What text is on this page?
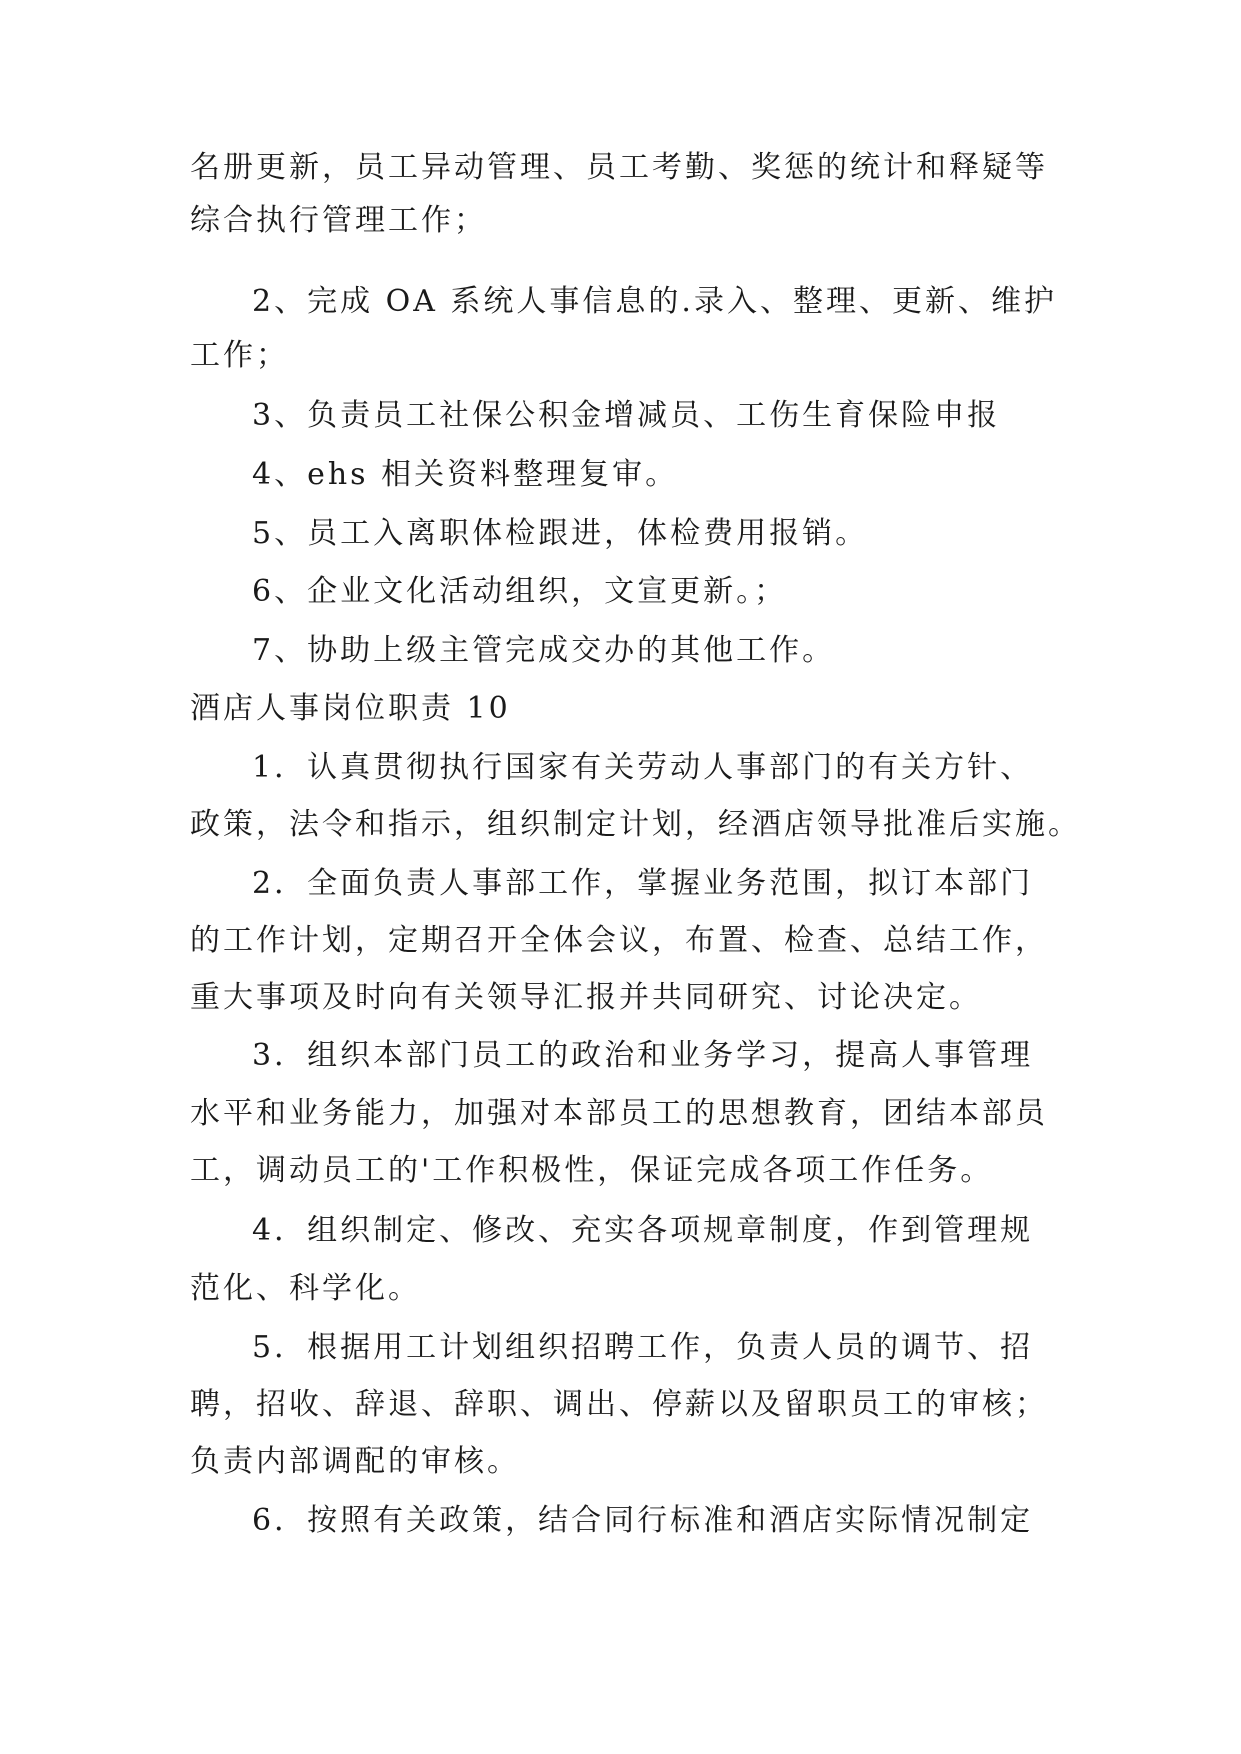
名册更新，员工异动管理、员工考勤、奖惩的统计和释疑等
综合执行管理工作；
2、完成 OA 系统人事信息的.录入、整理、更新、维护
工作；
3、负责员工社保公积金增减员、工伤生育保险申报
4、ehs 相关资料整理复审。
5、员工入离职体检跟进，体检费用报销。
6、企业文化活动组织，文宣更新。；
7、协助上级主管完成交办的其他工作。
酒店人事岗位职责 10
1．认真贯彻执行国家有关劳动人事部门的有关方针、
政策，法令和指示，组织制定计划，经酒店领导批准后实施。
2．全面负责人事部工作，掌握业务范围，拟订本部门
的工作计划，定期召开全体会议，布置、检查、总结工作，
重大事项及时向有关领导汇报并共同研究、讨论决定。
3．组织本部门员工的政治和业务学习，提高人事管理
水平和业务能力，加强对本部员工的思想教育，团结本部员
工，调动员工的'工作积极性，保证完成各项工作任务。
4．组织制定、修改、充实各项规章制度，作到管理规
范化、科学化。
5．根据用工计划组织招聘工作，负责人员的调节、招
聘，招收、辞退、辞职、调出、停薪以及留职员工的审核；
负责内部调配的审核。
6．按照有关政策，结合同行标准和酒店实际情况制定
